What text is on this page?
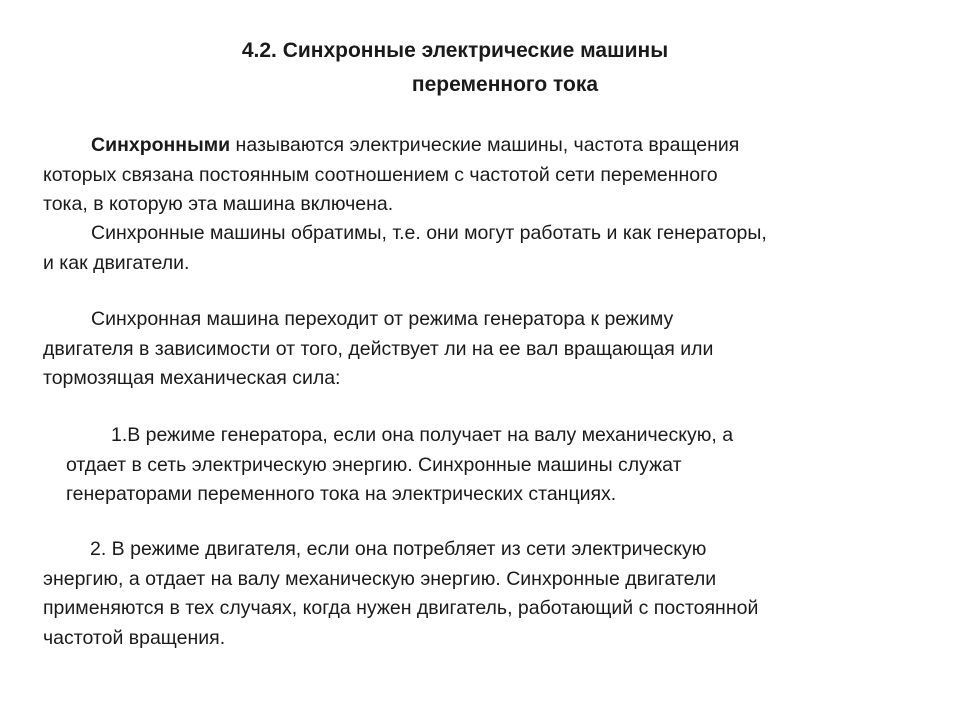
4.2. Синхронные электрические машины
переменного тока

Синхронными называются электрические машины, частота вращения
которых связана постоянным соотношением с частотой сети переменного
тока, в которую эта машина включена.

Синхронные машины обратимы, т.е. они могут работать и как генераторы,
и как двигатели.

Синхронная машина переходит от режима генератора к режиму
двигателя в зависимости от того, действует ли на ее вал вращающая или
тормозящая механическая сила:

1.В режиме генератора, если она получает на валу механическую, а
отдает в сеть электрическую энергию. Синхронные машины служат
генераторами переменного тока на электрических станциях.

2. В режиме двигателя, если она потребляет из сети электрическую
энергию, а отдает на валу механическую энергию. Синхронные двигатели
применяются в тех случаях, когда нужен двигатель, работающий с постоянной
частотой вращения.
